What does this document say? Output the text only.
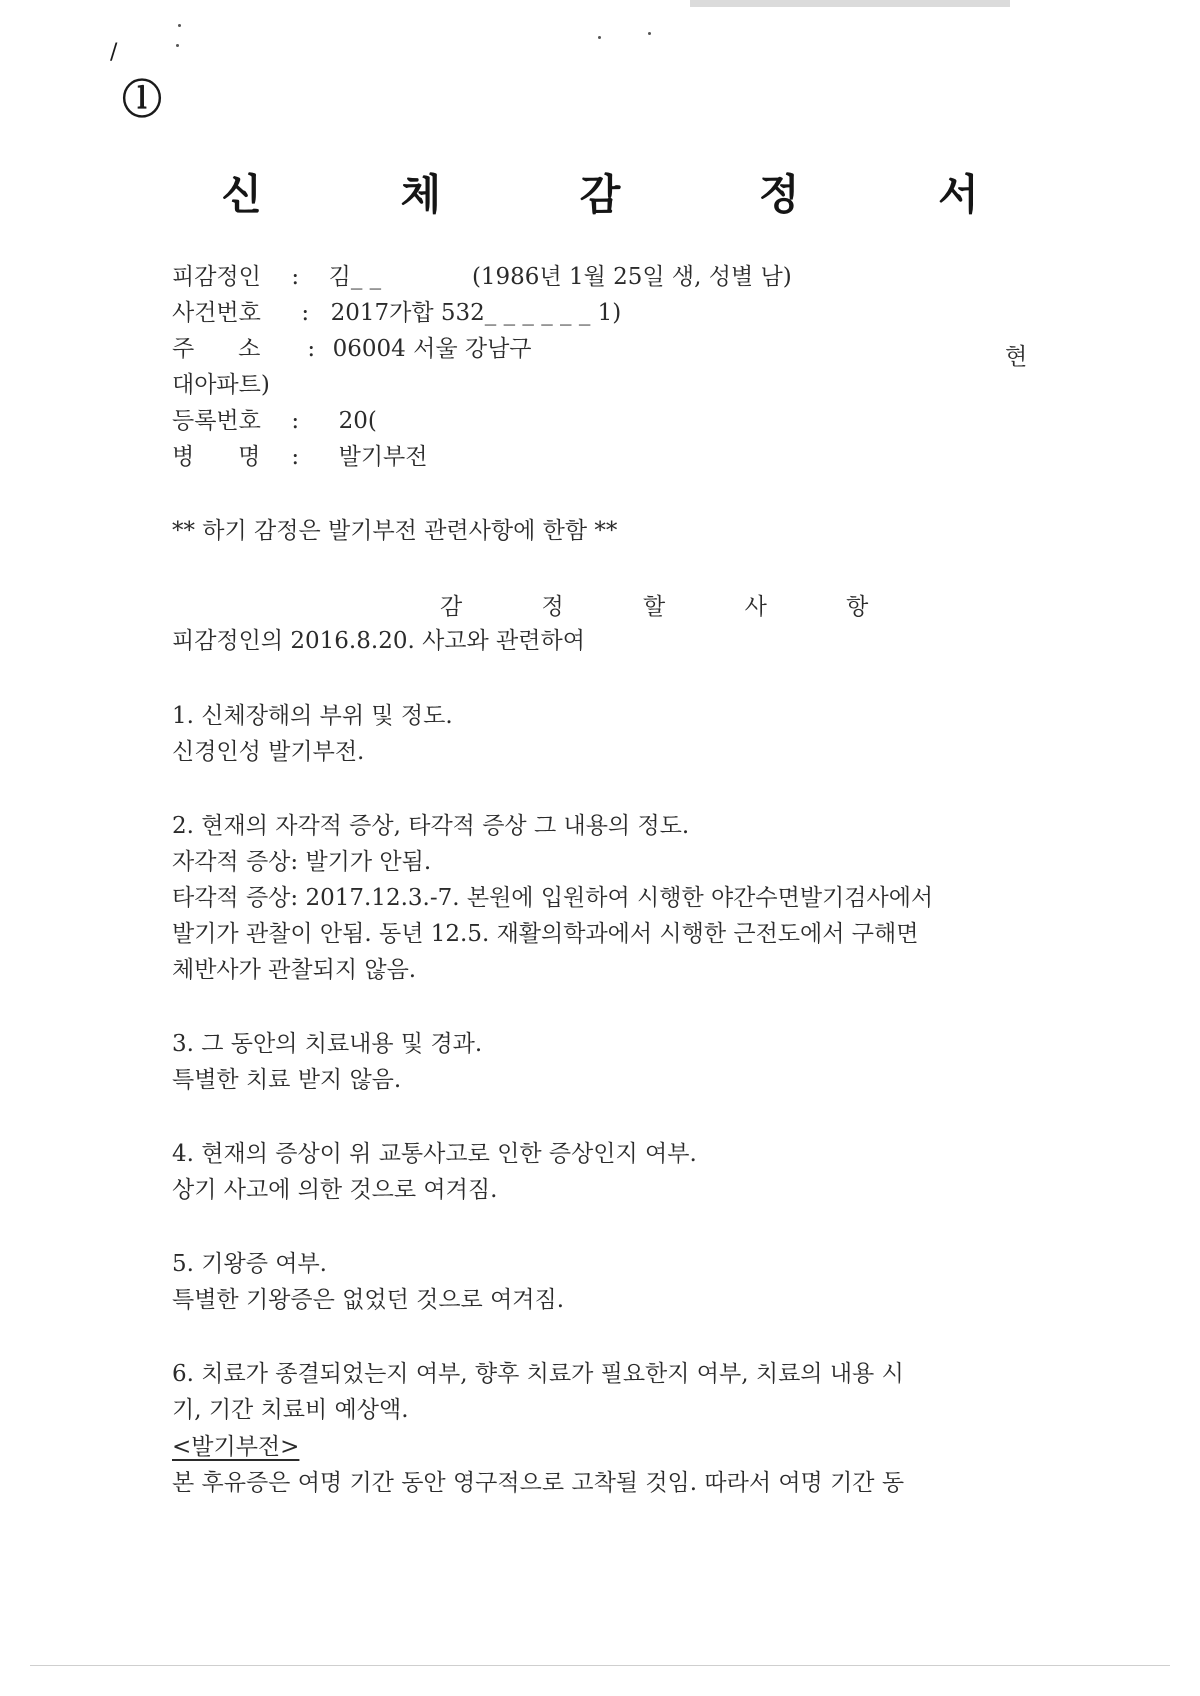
/
ⓛ
신 체 감 정 서
피감정인 : 김_ _	(1986년 1월 25일 생, 성별 남)
사건번호 : 2017가합 532_ _ _ _ _ _ 1)
주      소 : 06004 서울 강남구	현
대아파트)
등록번호 : 20(
병      명 : 발기부전
** 하기 감정은 발기부전 관련사항에 한함 **
감 정 할 사 항
피감정인의 2016.8.20. 사고와 관련하여
1. 신체장해의 부위 및 정도.
신경인성 발기부전.
2. 현재의 자각적 증상, 타각적 증상 그 내용의 정도.
자각적 증상: 발기가 안됨.
타각적 증상: 2017.12.3.-7. 본원에 입원하여 시행한 야간수면발기검사에서
발기가 관찰이 안됨. 동년 12.5. 재활의학과에서 시행한 근전도에서 구해면
체반사가 관찰되지 않음.
3. 그 동안의 치료내용 및 경과.
특별한 치료 받지 않음.
4. 현재의 증상이 위 교통사고로 인한 증상인지 여부.
상기 사고에 의한 것으로 여겨짐.
5. 기왕증 여부.
특별한 기왕증은 없었던 것으로 여겨짐.
6. 치료가 종결되었는지 여부, 향후 치료가 필요한지 여부, 치료의 내용 시
기, 기간 치료비 예상액.
<발기부전>
본 후유증은 여명 기간 동안 영구적으로 고착될 것임. 따라서 여명 기간 동
